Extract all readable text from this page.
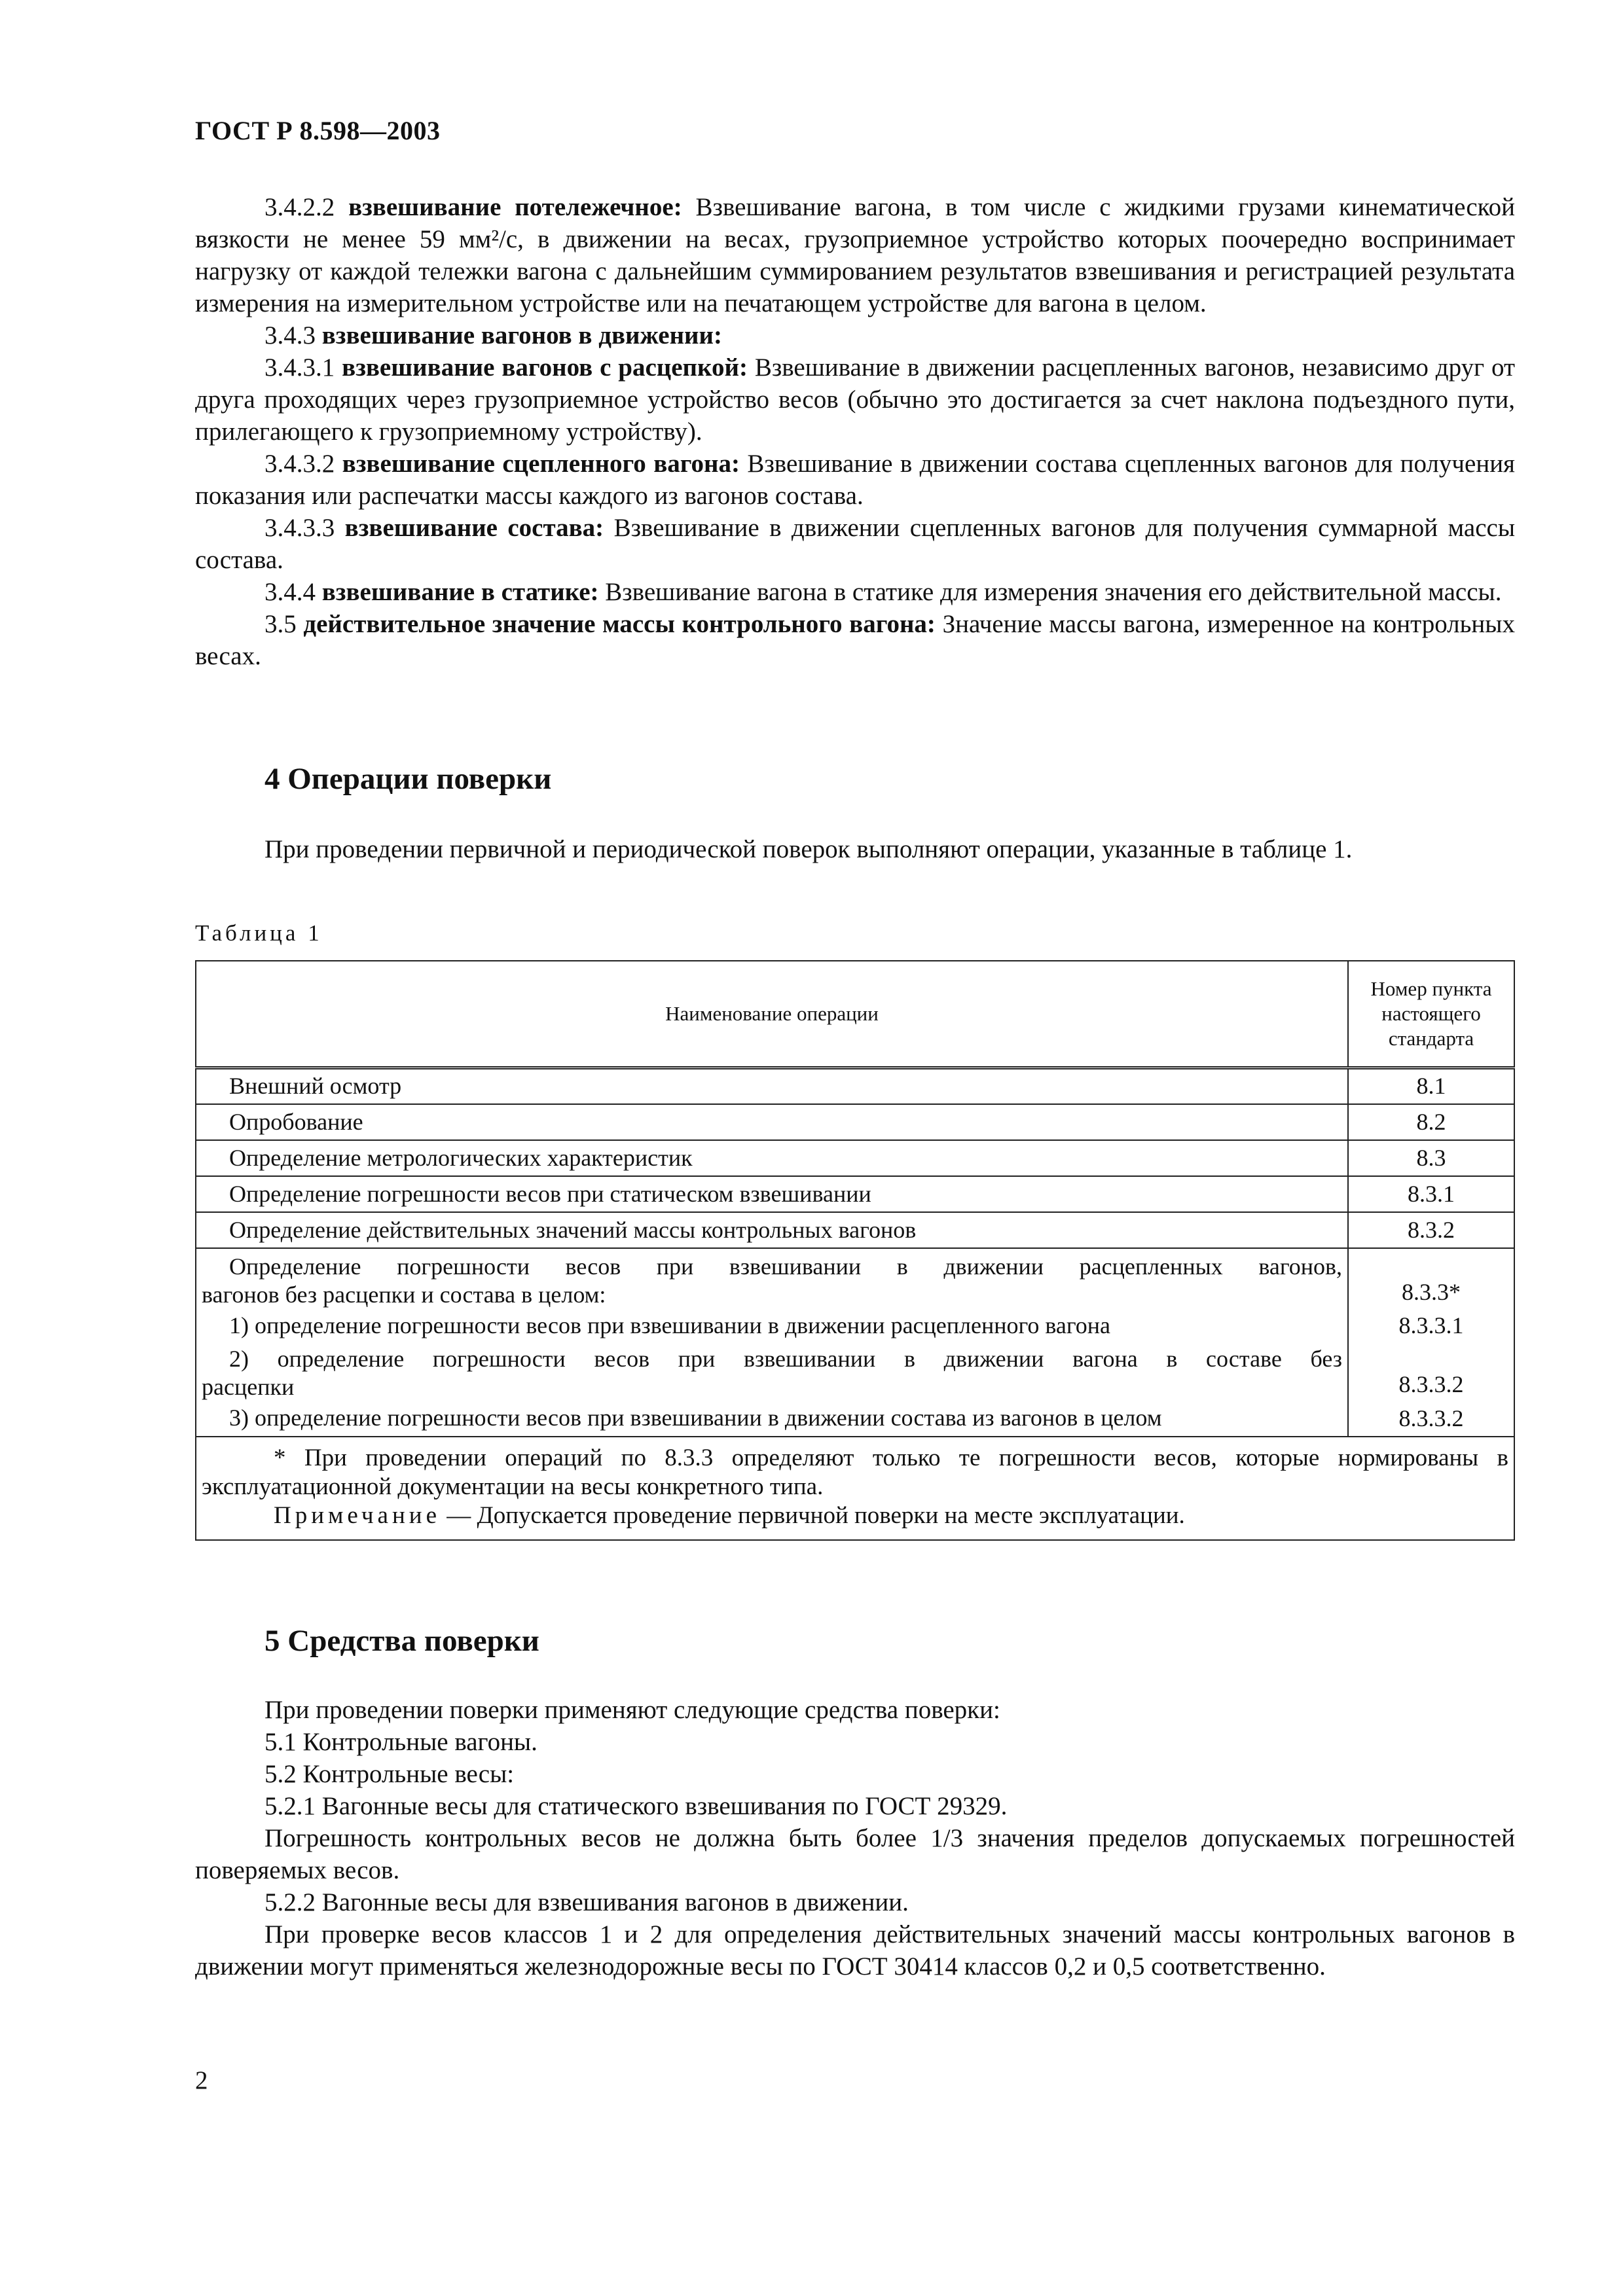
ГОСТ Р 8.598—2003

3.4.2.2 взвешивание потележечное: Взвешивание вагона, в том числе с жидкими грузами кинематической вязкости не менее 59 мм²/с, в движении на весах, грузоприемное устройство которых поочередно воспринимает нагрузку от каждой тележки вагона с дальнейшим суммированием результатов взвешивания и регистрацией результата измерения на измерительном устройстве или на печатающем устройстве для вагона в целом.

3.4.3 взвешивание вагонов в движении:

3.4.3.1 взвешивание вагонов с расцепкой: Взвешивание в движении расцепленных вагонов, независимо друг от друга проходящих через грузоприемное устройство весов (обычно это достигается за счет наклона подъездного пути, прилегающего к грузоприемному устройству).

3.4.3.2 взвешивание сцепленного вагона: Взвешивание в движении состава сцепленных вагонов для получения показания или распечатки массы каждого из вагонов состава.

3.4.3.3 взвешивание состава: Взвешивание в движении сцепленных вагонов для получения суммарной массы состава.

3.4.4 взвешивание в статике: Взвешивание вагона в статике для измерения значения его действительной массы.

3.5 действительное значение массы контрольного вагона: Значение массы вагона, измеренное на контрольных весах.

4 Операции поверки

При проведении первичной и периодической поверок выполняют операции, указанные в таблице 1.

Таблица 1
Наименование операции	Номер пункта настоящего стандарта

Внешний осмотр	8.1
Опробование	8.2
Определение метрологических характеристик	8.3
Определение погрешности весов при статическом взвешивании	8.3.1
Определение действительных значений массы контрольных вагонов	8.3.2

Определение погрешности весов при взвешивании в движении расцепленных вагонов,
вагонов без расцепки и состава в целом:	8.3.3*
1) определение погрешности весов при взвешивании в движении расцепленного вагона	8.3.3.1

2) определение погрешности весов при взвешивании в движении вагона в составе без
расцепки	8.3.3.2
3) определение погрешности весов при взвешивании в движении состава из вагонов в целом	8.3.3.2

* При проведении операций по 8.3.3 определяют только те погрешности весов, которые нормированы в эксплуатационной документации на весы конкретного типа.
Примечание — Допускается проведение первичной поверки на месте эксплуатации.	
5 Средства поверки

При проведении поверки применяют следующие средства поверки:

5.1 Контрольные вагоны.

5.2 Контрольные весы:

5.2.1 Вагонные весы для статического взвешивания по ГОСТ 29329.

Погрешность контрольных весов не должна быть более 1/3 значения пределов допускаемых погрешностей поверяемых весов.

5.2.2 Вагонные весы для взвешивания вагонов в движении.

При проверке весов классов 1 и 2 для определения действительных значений массы контрольных вагонов в движении могут применяться железнодорожные весы по ГОСТ 30414 классов 0,2 и 0,5 соответственно.

2
